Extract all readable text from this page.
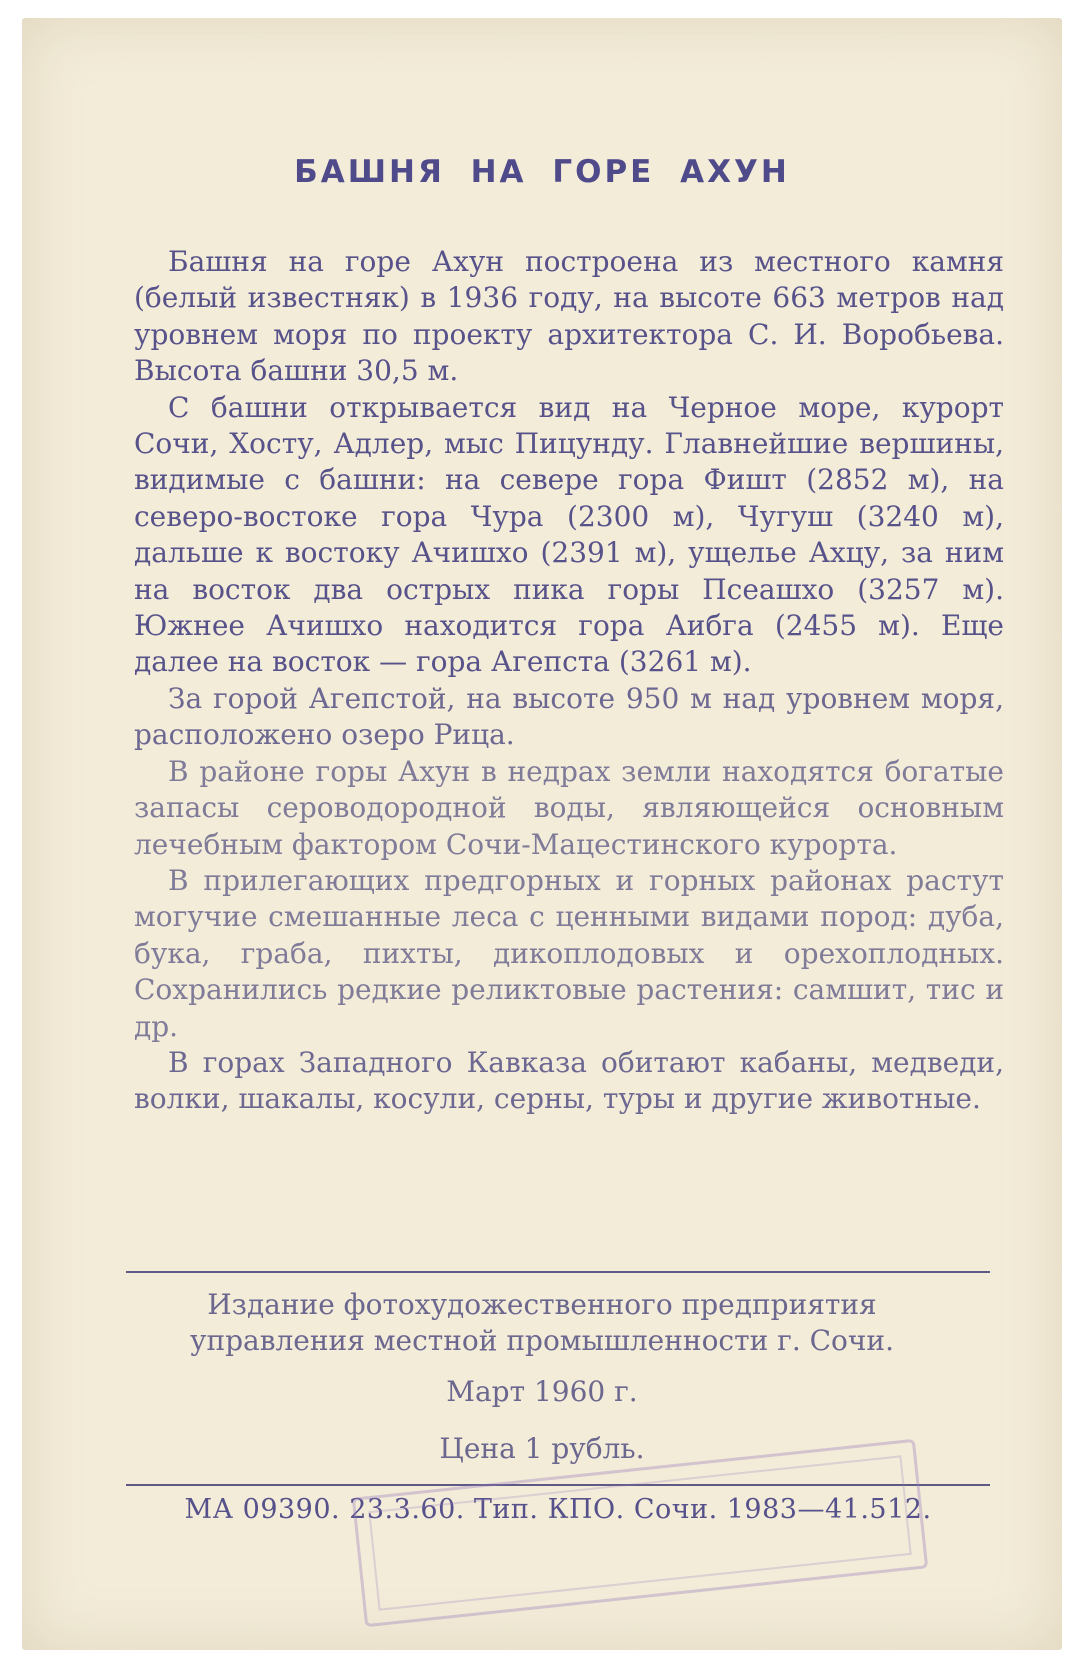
БАШНЯ НА ГОРЕ АХУН

Башня на горе Ахун построена из местного камня (белый известняк) в 1936 году, на высоте 663 метров над уровнем моря по проекту архитектора С. И. Воробьева. Высота башни 30,5 м.

С башни открывается вид на Черное море, курорт Сочи, Хосту, Адлер, мыс Пицунду. Главнейшие вершины, видимые с башни: на севере гора Фишт (2852 м), на северо-востоке гора Чура (2300 м), Чугуш (3240 м), дальше к востоку Ачишхо (2391 м), ущелье Ахцу, за ним на восток два острых пика горы Псеашхо (3257 м). Южнее Ачишхо находится гора Аибга (2455 м). Еще далее на восток — гора Агепста (3261 м).

За горой Агепстой, на высоте 950 м над уровнем моря, расположено озеро Рица.

В районе горы Ахун в недрах земли находятся богатые запасы сероводородной воды, являющейся основным лечебным фактором Сочи-Мацестинского курорта.

В прилегающих предгорных и горных районах растут могучие смешанные леса с ценными видами пород: дуба, бука, граба, пихты, дикоплодовых и орехоплодных. Сохранились редкие реликтовые растения: самшит, тис и др.

В горах Западного Кавказа обитают кабаны, медведи, волки, шакалы, косули, серны, туры и другие животные.

Издание фотохудожественного предприятия
управления местной промышленности г. Сочи.
Март 1960 г.
Цена 1 рубль.
МА 09390. 23.3.60. Тип. КПО. Сочи. 1983—41.512.
